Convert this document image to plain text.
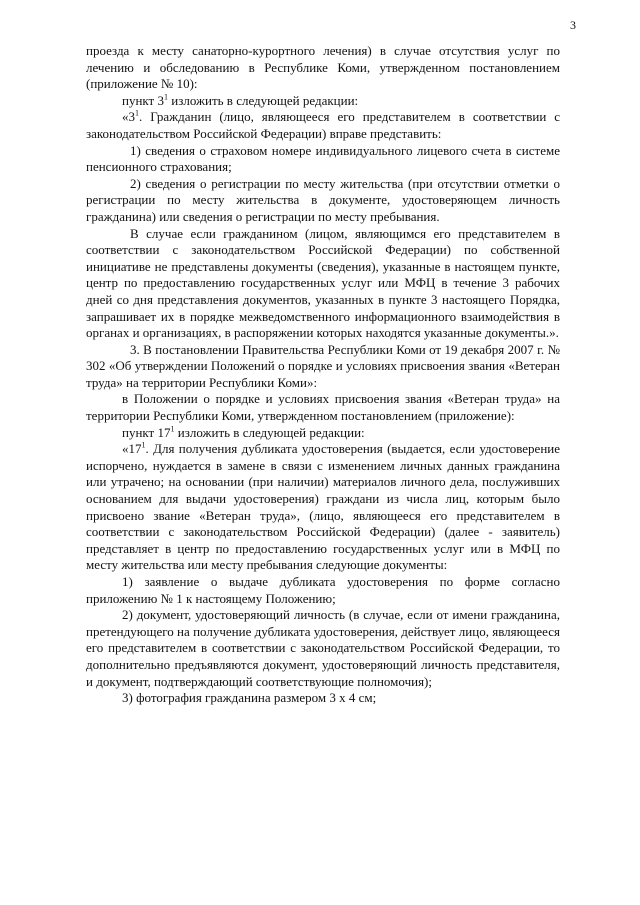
3

проезда к месту санаторно-курортного лечения) в случае отсутствия услуг по лечению и обследованию в Республике Коми, утвержденном постановлением (приложение № 10):

пункт $3^1$ изложить в следующей редакции:

«$3^1$. Гражданин (лицо, являющееся его представителем в соответствии с законодательством Российской Федерации) вправе представить:

1) сведения о страховом номере индивидуального лицевого счета в системе пенсионного страхования;

2) сведения о регистрации по месту жительства (при отсутствии отметки о регистрации по месту жительства в документе, удостоверяющем личность гражданина) или сведения о регистрации по месту пребывания.

В случае если гражданином (лицом, являющимся его представителем в соответствии с законодательством Российской Федерации) по собственной инициативе не представлены документы (сведения), указанные в настоящем пункте, центр по предоставлению государственных услуг или МФЦ в течение 3 рабочих дней со дня представления документов, указанных в пункте 3 настоящего Порядка, запрашивает их в порядке межведомственного информационного взаимодействия в органах и организациях, в распоряжении которых находятся указанные документы.».

3. В постановлении Правительства Республики Коми от 19 декабря 2007 г. № 302 «Об утверждении Положений о порядке и условиях присвоения звания «Ветеран труда» на территории Республики Коми»:

в Положении о порядке и условиях присвоения звания «Ветеран труда» на территории Республики Коми, утвержденном постановлением (приложение):

пункт $17^1$ изложить в следующей редакции:

«$17^1$. Для получения дубликата удостоверения (выдается, если удостоверение испорчено, нуждается в замене в связи с изменением личных данных гражданина или утрачено; на основании (при наличии) материалов личного дела, послуживших основанием для выдачи удостоверения) граждани из числа лиц, которым было присвоено звание «Ветеран труда», (лицо, являющееся его представителем в соответствии с законодательством Российской Федерации) (далее - заявитель) представляет в центр по предоставлению государственных услуг или в МФЦ по месту жительства или месту пребывания следующие документы:

1) заявление о выдаче дубликата удостоверения по форме согласно приложению № 1 к настоящему Положению;

2) документ, удостоверяющий личность (в случае, если от имени гражданина, претендующего на получение дубликата удостоверения, действует лицо, являющееся его представителем в соответствии с законодательством Российской Федерации, то дополнительно предъявляются документ, удостоверяющий личность представителя, и документ, подтверждающий соответствующие полномочия);

3) фотография гражданина размером 3 х 4 см;
